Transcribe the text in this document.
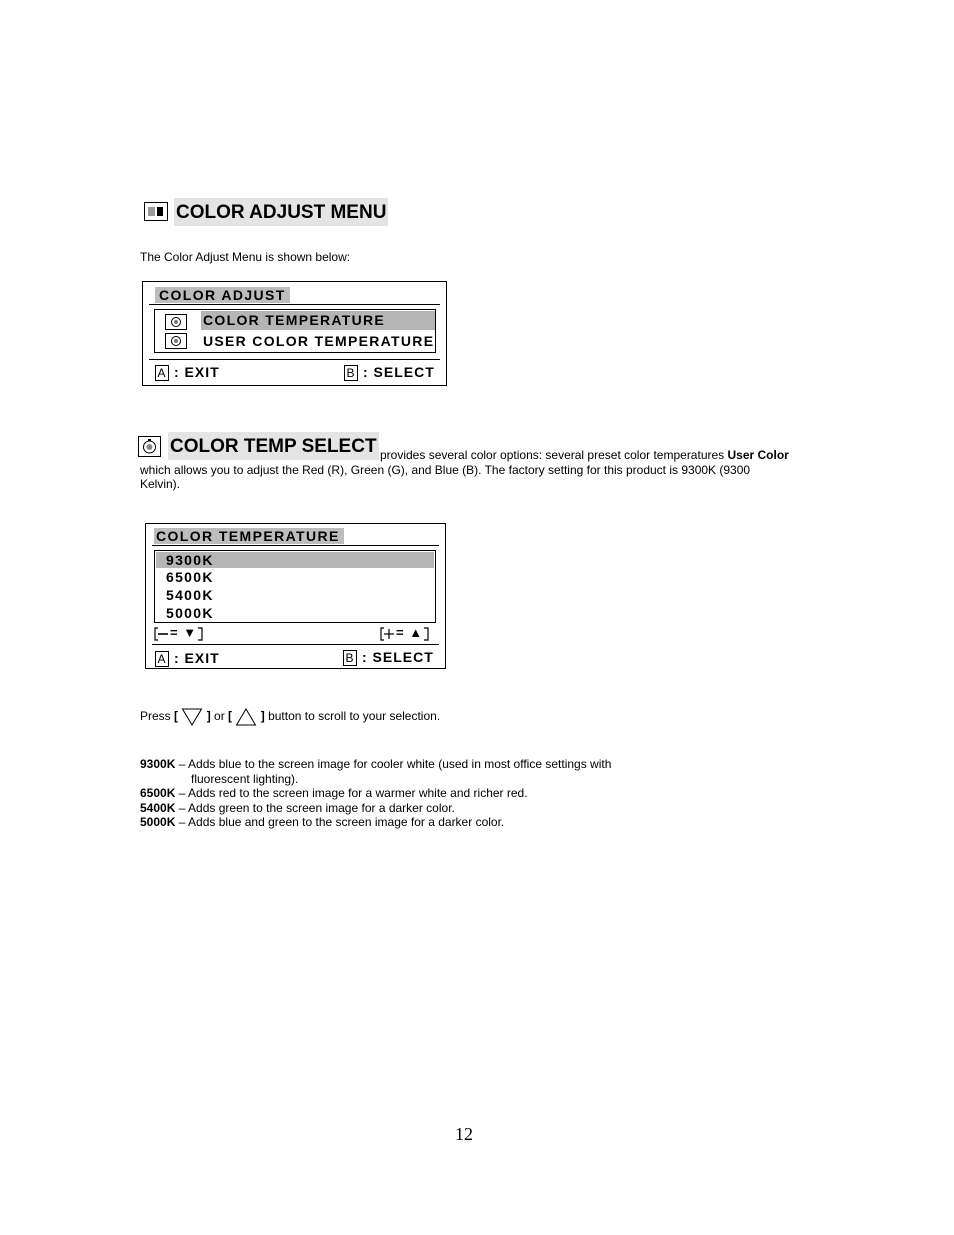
COLOR ADJUST MENU
The Color Adjust Menu is shown below:
COLOR ADJUST
COLOR TEMPERATURE
USER COLOR TEMPERATURE
A : EXIT	B : SELECT
COLOR TEMP SELECT provides several color options: several preset color temperatures User Color which allows you to adjust the Red (R), Green (G), and Blue (B). The factory setting for this product is 9300K (9300 Kelvin).
COLOR TEMPERATURE
9300K
6500K
5400K
5000K
= ▼	= ▲
A : EXIT	B : SELECT
Press [ ] or [ ] button to scroll to your selection.
9300K – Adds blue to the screen image for cooler white (used in most office settings with
fluorescent lighting).
6500K – Adds red to the screen image for a warmer white and richer red.
5400K – Adds green to the screen image for a darker color.
5000K – Adds blue and green to the screen image for a darker color.
12
